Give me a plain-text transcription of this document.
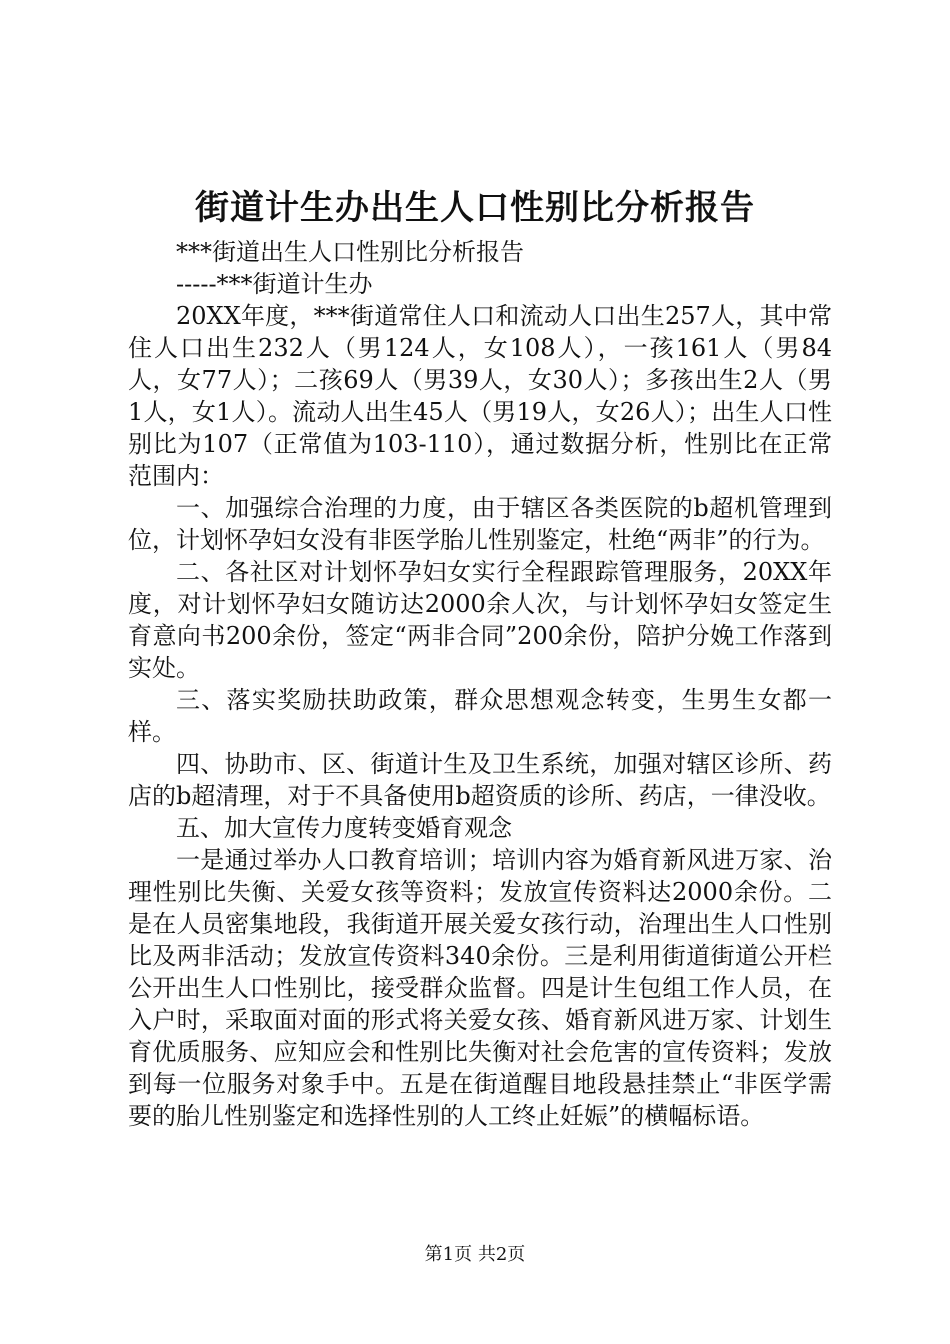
街道计生办出生人口性别比分析报告

***街道出生人口性别比分析报告

-----***街道计生办

20XX年度，***街道常住人口和流动人口出生257人，其中常住人口出生232人（男124人，女108人），一孩161人（男84人，女77人）；二孩69人（男39人，女30人）；多孩出生2人（男1人，女1人）。流动人出生45人（男19人，女26人）；出生人口性别比为107（正常值为103-110），通过数据分析，性别比在正常范围内：

一、加强综合治理的力度，由于辖区各类医院的b超机管理到位，计划怀孕妇女没有非医学胎儿性别鉴定，杜绝“两非”的行为。

二、各社区对计划怀孕妇女实行全程跟踪管理服务，20XX年度，对计划怀孕妇女随访达2000余人次，与计划怀孕妇女签定生育意向书200余份，签定“两非合同”200余份，陪护分娩工作落到实处。

三、落实奖励扶助政策，群众思想观念转变，生男生女都一样。

四、协助市、区、街道计生及卫生系统，加强对辖区诊所、药店的b超清理，对于不具备使用b超资质的诊所、药店，一律没收。

五、加大宣传力度转变婚育观念

一是通过举办人口教育培训；培训内容为婚育新风进万家、治理性别比失衡、关爱女孩等资料；发放宣传资料达2000余份。二是在人员密集地段，我街道开展关爱女孩行动，治理出生人口性别比及两非活动；发放宣传资料340余份。三是利用街道街道公开栏公开出生人口性别比，接受群众监督。四是计生包组工作人员，在入户时，采取面对面的形式将关爱女孩、婚育新风进万家、计划生育优质服务、应知应会和性别比失衡对社会危害的宣传资料；发放到每一位服务对象手中。五是在街道醒目地段悬挂禁止“非医学需要的胎儿性别鉴定和选择性别的人工终止妊娠”的横幅标语。

第1页 共2页
